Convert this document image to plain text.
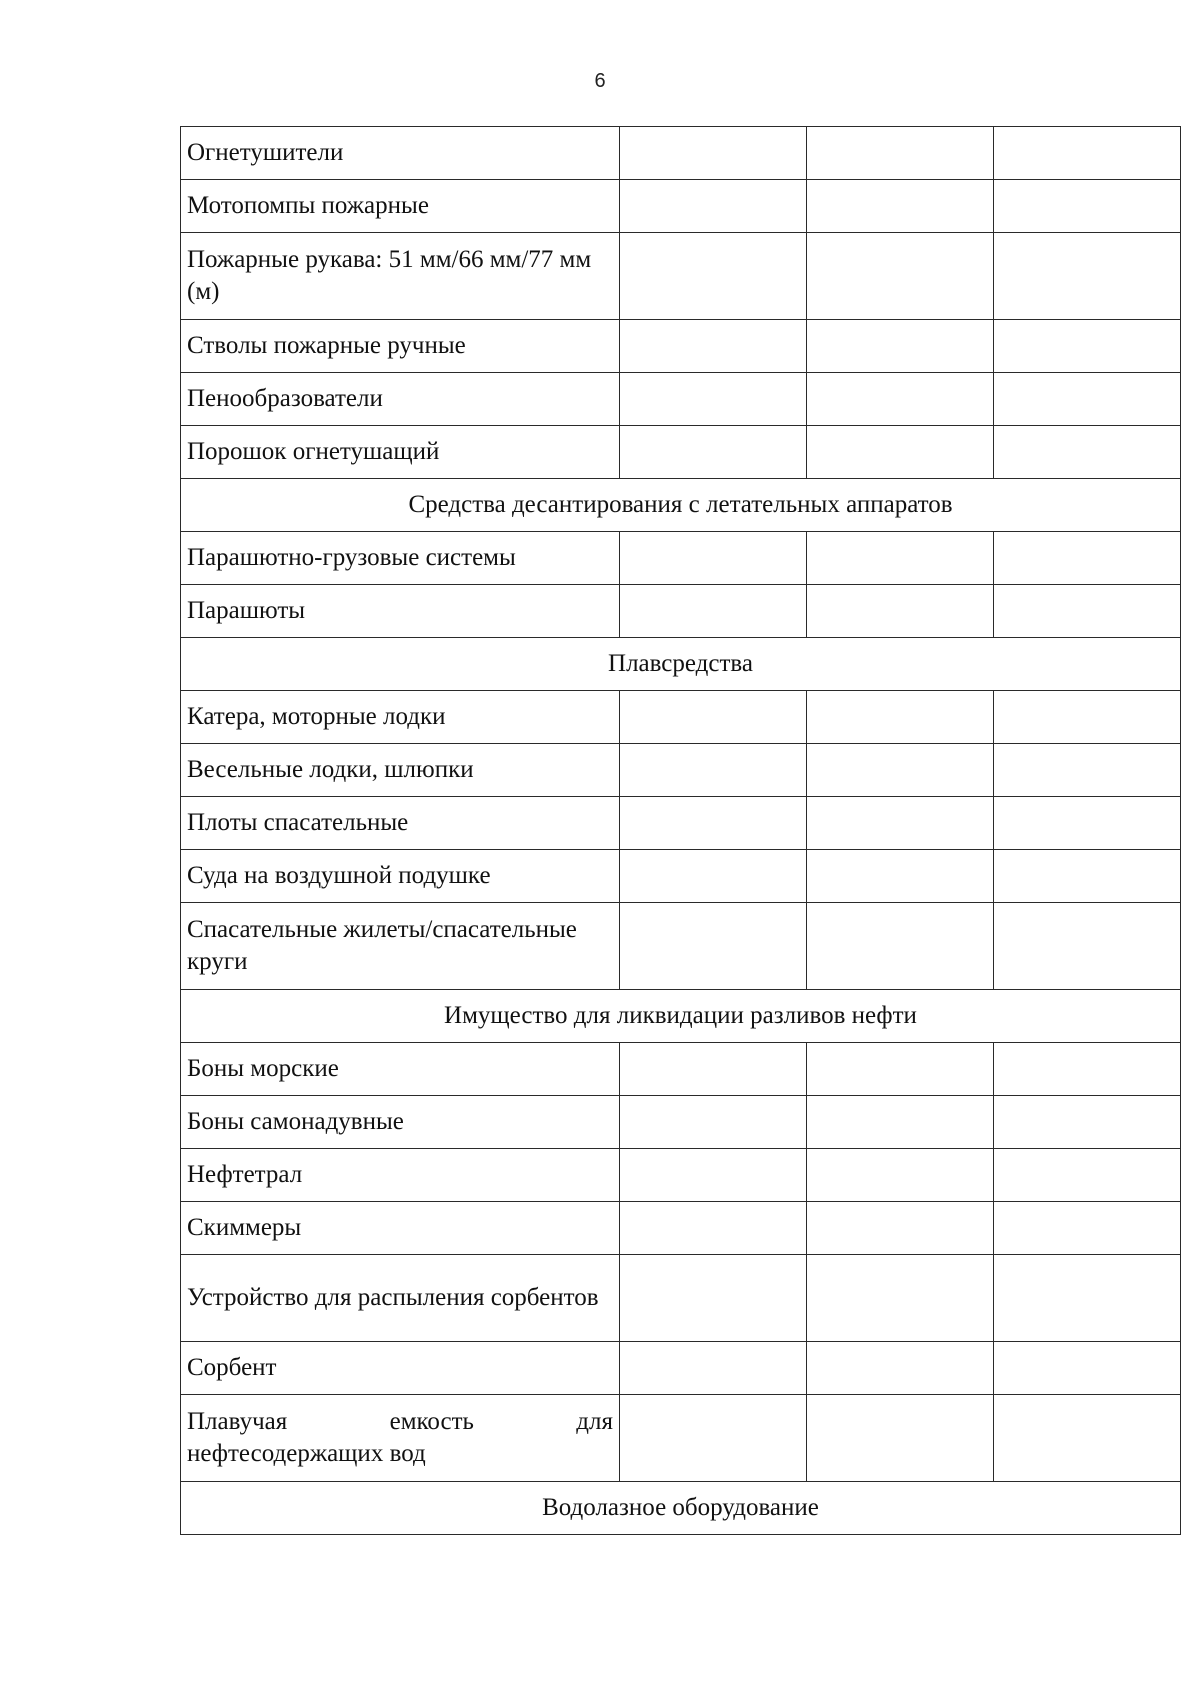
6
Огнетушители			
Мотопомпы пожарные			
Пожарные рукава: 51 мм/66 мм/77 мм (м)			
Стволы пожарные ручные			
Пенообразователи			
Порошок огнетушащий			
Средства десантирования с летательных аппаратов			
Парашютно-грузовые системы			
Парашюты			
Плавсредства			
Катера, моторные лодки			
Весельные лодки, шлюпки			
Плоты спасательные			
Суда на воздушной подушке			
Спасательные жилеты/спасательные круги			
Имущество для ликвидации разливов нефти			
Боны морские			
Боны самонадувные			
Нефтетрал			
Скиммеры			
Устройство для распыления сорбентов			
Сорбент			
Плавучая емкость для нефтесодержащих вод			
Водолазное оборудование			
